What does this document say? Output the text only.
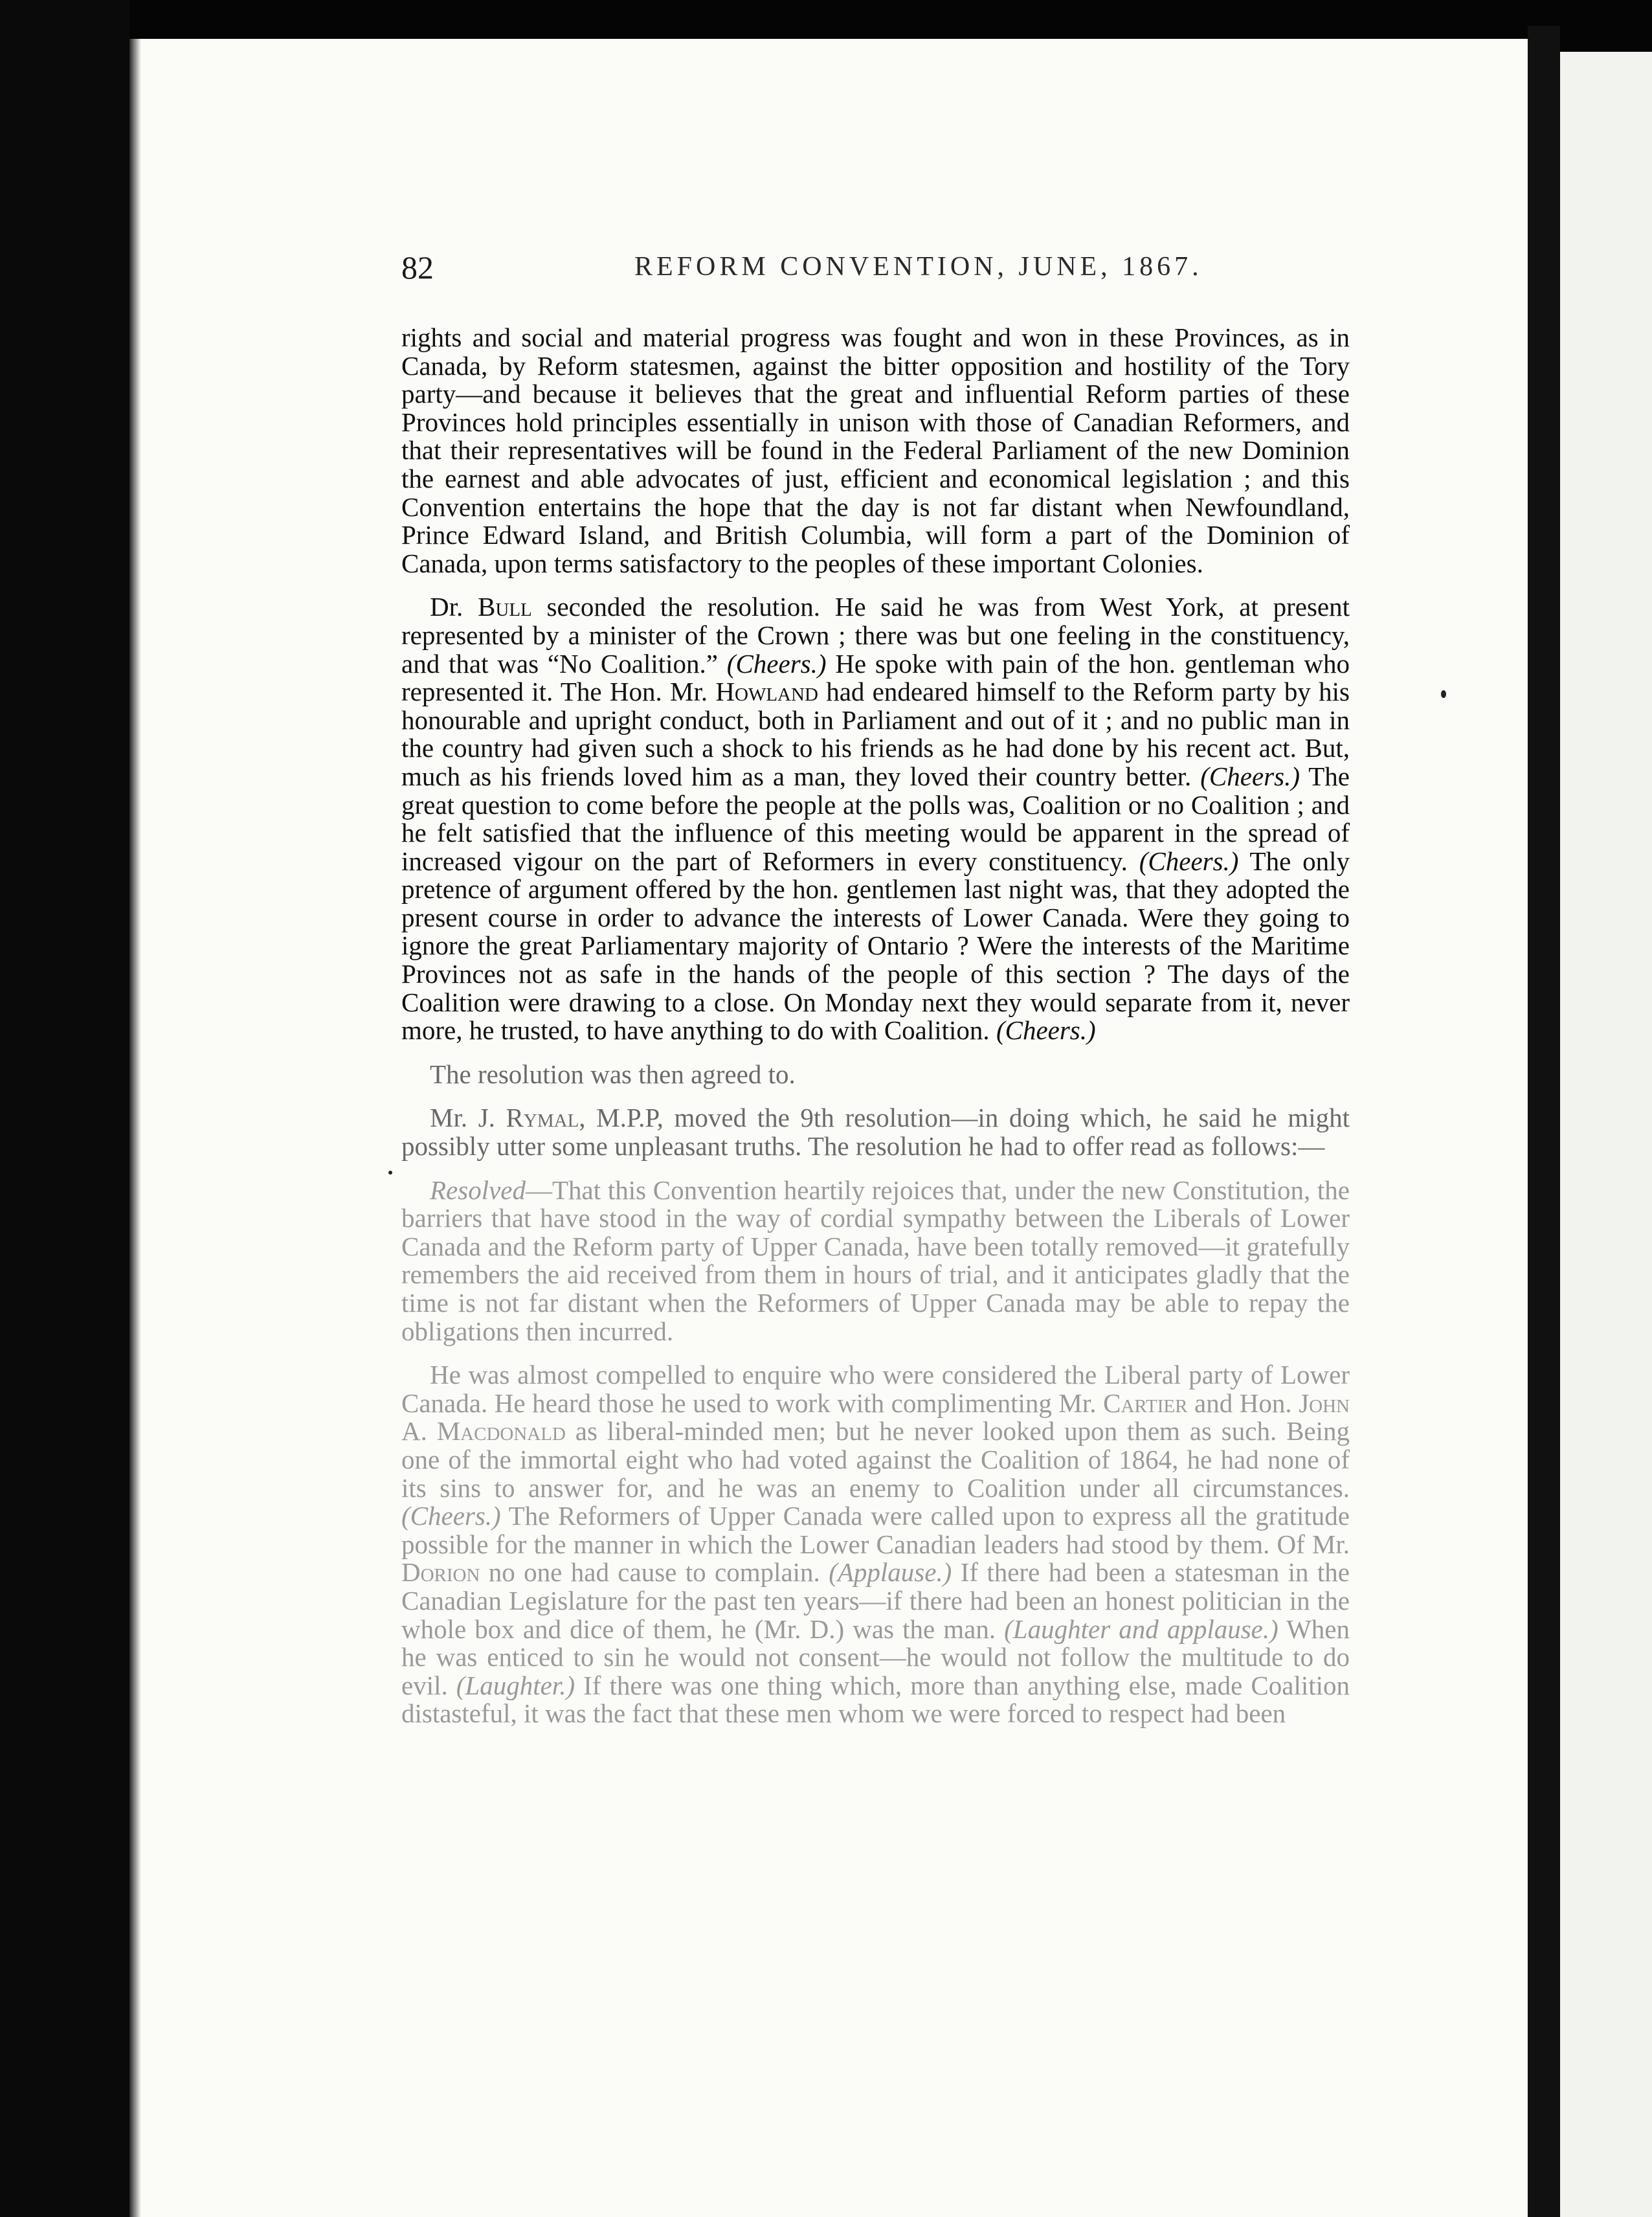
82	REFORM CONVENTION, JUNE, 1867.

rights and social and material progress was fought and won in these Provinces, as in Canada, by Reform statesmen, against the bitter opposition and hostility of the Tory party—and because it believes that the great and influential Reform parties of these Provinces hold principles essentially in unison with those of Canadian Reformers, and that their representatives will be found in the Federal Parliament of the new Dominion the earnest and able advocates of just, efficient and economical legislation ; and this Convention entertains the hope that the day is not far distant when Newfoundland, Prince Edward Island, and British Columbia, will form a part of the Dominion of Canada, upon terms satisfactory to the peoples of these important Colonies.

Dr. Bull seconded the resolution. He said he was from West York, at present represented by a minister of the Crown ; there was but one feeling in the constituency, and that was “No Coalition.” (Cheers.) He spoke with pain of the hon. gentleman who represented it. The Hon. Mr. Howland had endeared himself to the Reform party by his honourable and upright conduct, both in Parliament and out of it ; and no public man in the country had given such a shock to his friends as he had done by his recent act. But, much as his friends loved him as a man, they loved their country better. (Cheers.) The great question to come before the people at the polls was, Coalition or no Coalition ; and he felt satisfied that the influence of this meeting would be apparent in the spread of increased vigour on the part of Reformers in every constituency. (Cheers.) The only pretence of argument offered by the hon. gentlemen last night was, that they adopted the present course in order to advance the interests of Lower Canada. Were they going to ignore the great Parliamentary majority of Ontario ? Were the interests of the Maritime Provinces not as safe in the hands of the people of this section ? The days of the Coalition were drawing to a close. On Monday next they would separate from it, never more, he trusted, to have anything to do with Coalition. (Cheers.)

The resolution was then agreed to.

Mr. J. Rymal, M.P.P, moved the 9th resolution—in doing which, he said he might possibly utter some unpleasant truths. The resolution he had to offer read as follows:—

Resolved—That this Convention heartily rejoices that, under the new Constitution, the barriers that have stood in the way of cordial sympathy between the Liberals of Lower Canada and the Reform party of Upper Canada, have been totally removed—it gratefully remembers the aid received from them in hours of trial, and it anticipates gladly that the time is not far distant when the Reformers of Upper Canada may be able to repay the obligations then incurred.

He was almost compelled to enquire who were considered the Liberal party of Lower Canada. He heard those he used to work with complimenting Mr. Cartier and Hon. John A. Macdonald as liberal-minded men; but he never looked upon them as such. Being one of the immortal eight who had voted against the Coalition of 1864, he had none of its sins to answer for, and he was an enemy to Coalition under all circumstances. (Cheers.) The Reformers of Upper Canada were called upon to express all the gratitude possible for the manner in which the Lower Canadian leaders had stood by them. Of Mr. Dorion no one had cause to complain. (Applause.) If there had been a statesman in the Canadian Legislature for the past ten years—if there had been an honest politician in the whole box and dice of them, he (Mr. D.) was the man. (Laughter and applause.) When he was enticed to sin he would not consent—he would not follow the multitude to do evil. (Laughter.) If there was one thing which, more than anything else, made Coalition distasteful, it was the fact that these men whom we were forced to respect had been
